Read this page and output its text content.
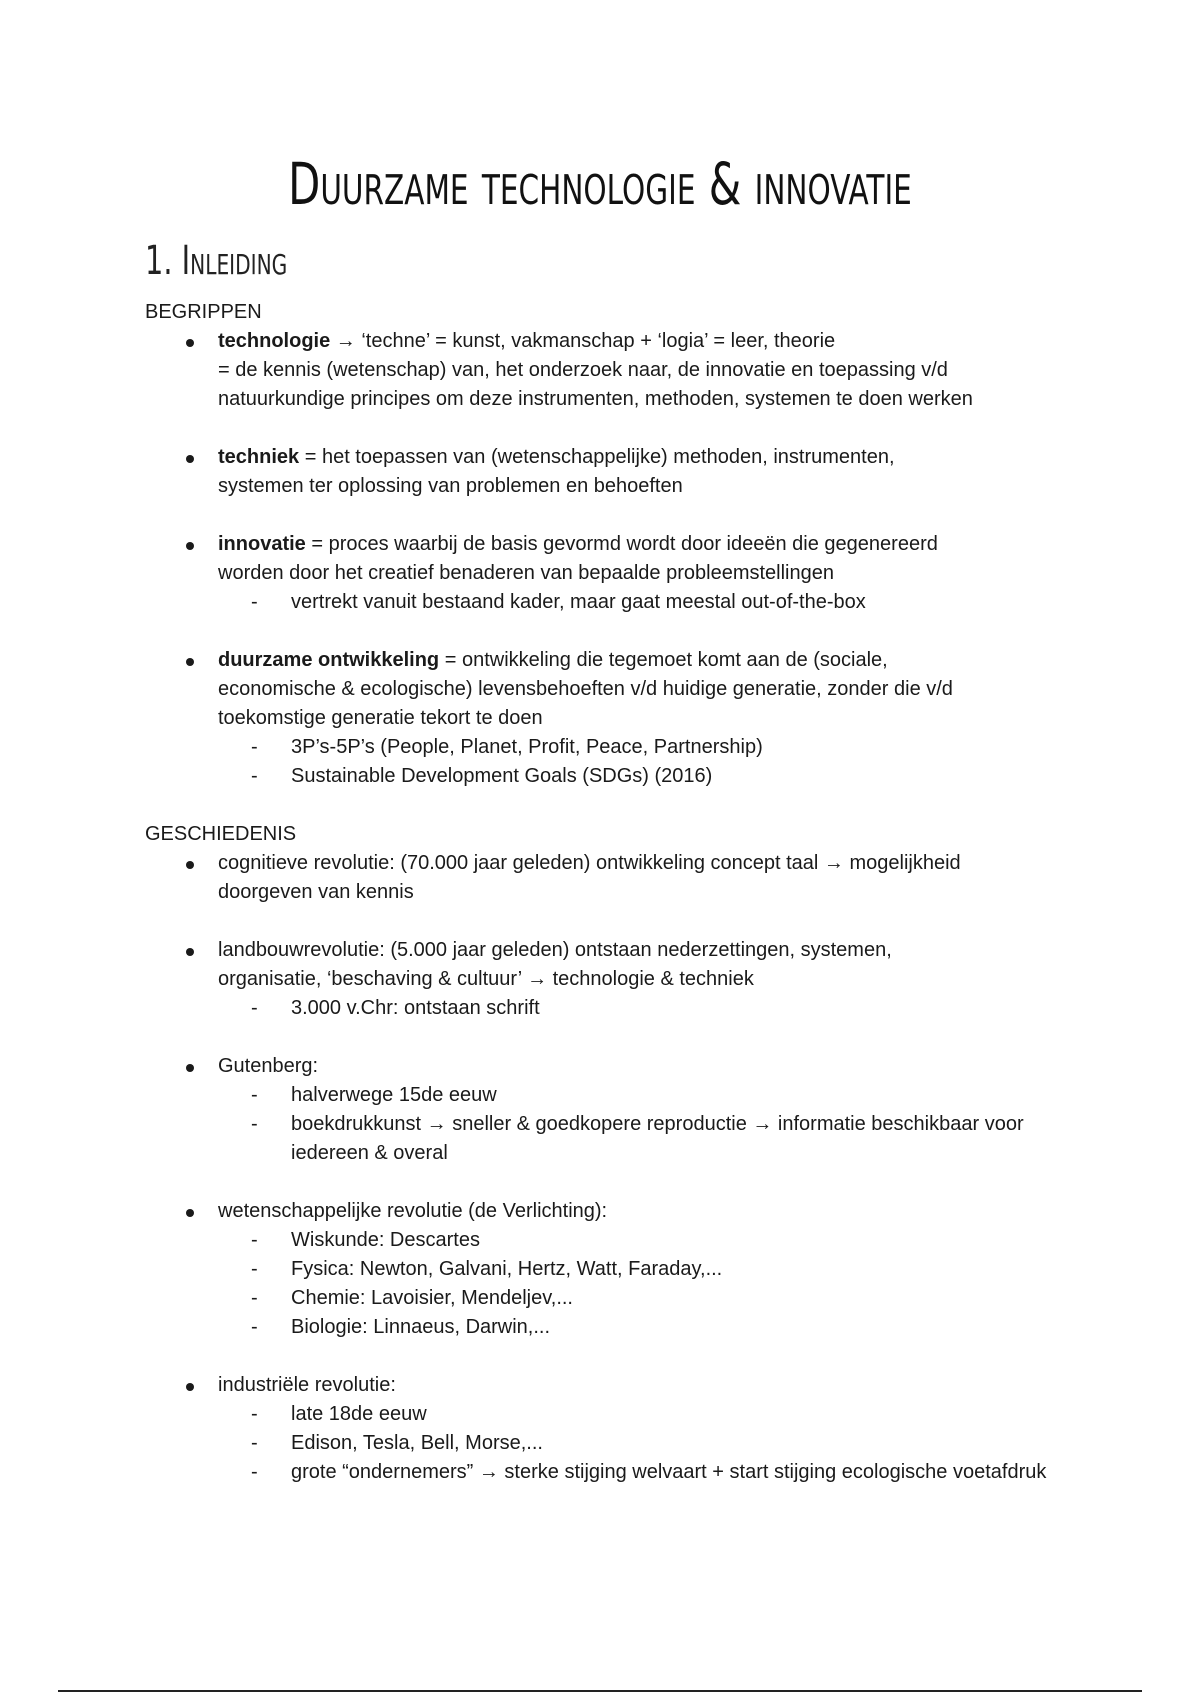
Duurzame technologie & innovatie
1. Inleiding
BEGRIPPEN
technologie → ‘techne’ = kunst, vakmanschap + ‘logia’ = leer, theorie
= de kennis (wetenschap) van, het onderzoek naar, de innovatie en toepassing v/d
natuurkundige principes om deze instrumenten, methoden, systemen te doen werken
techniek = het toepassen van (wetenschappelijke) methoden, instrumenten,
systemen ter oplossing van problemen en behoeften
innovatie = proces waarbij de basis gevormd wordt door ideeën die gegenereerd
worden door het creatief benaderen van bepaalde probleemstellingen
- vertrekt vanuit bestaand kader, maar gaat meestal out-of-the-box
duurzame ontwikkeling = ontwikkeling die tegemoet komt aan de (sociale,
economische & ecologische) levensbehoeften v/d huidige generatie, zonder die v/d
toekomstige generatie tekort te doen
- 3P’s-5P’s (People, Planet, Profit, Peace, Partnership)
- Sustainable Development Goals (SDGs) (2016)
GESCHIEDENIS
cognitieve revolutie: (70.000 jaar geleden) ontwikkeling concept taal → mogelijkheid
doorgeven van kennis
landbouwrevolutie: (5.000 jaar geleden) ontstaan nederzettingen, systemen,
organisatie, ‘beschaving & cultuur’ → technologie & techniek
- 3.000 v.Chr: ontstaan schrift
Gutenberg:
- halverwege 15de eeuw
- boekdrukkunst → sneller & goedkopere reproductie → informatie beschikbaar voor iedereen & overal
wetenschappelijke revolutie (de Verlichting):
- Wiskunde: Descartes
- Fysica: Newton, Galvani, Hertz, Watt, Faraday,...
- Chemie: Lavoisier, Mendeljev,...
- Biologie: Linnaeus, Darwin,...
industriële revolutie:
- late 18de eeuw
- Edison, Tesla, Bell, Morse,...
- grote “ondernemers” → sterke stijging welvaart + start stijging ecologische voetafdruk
